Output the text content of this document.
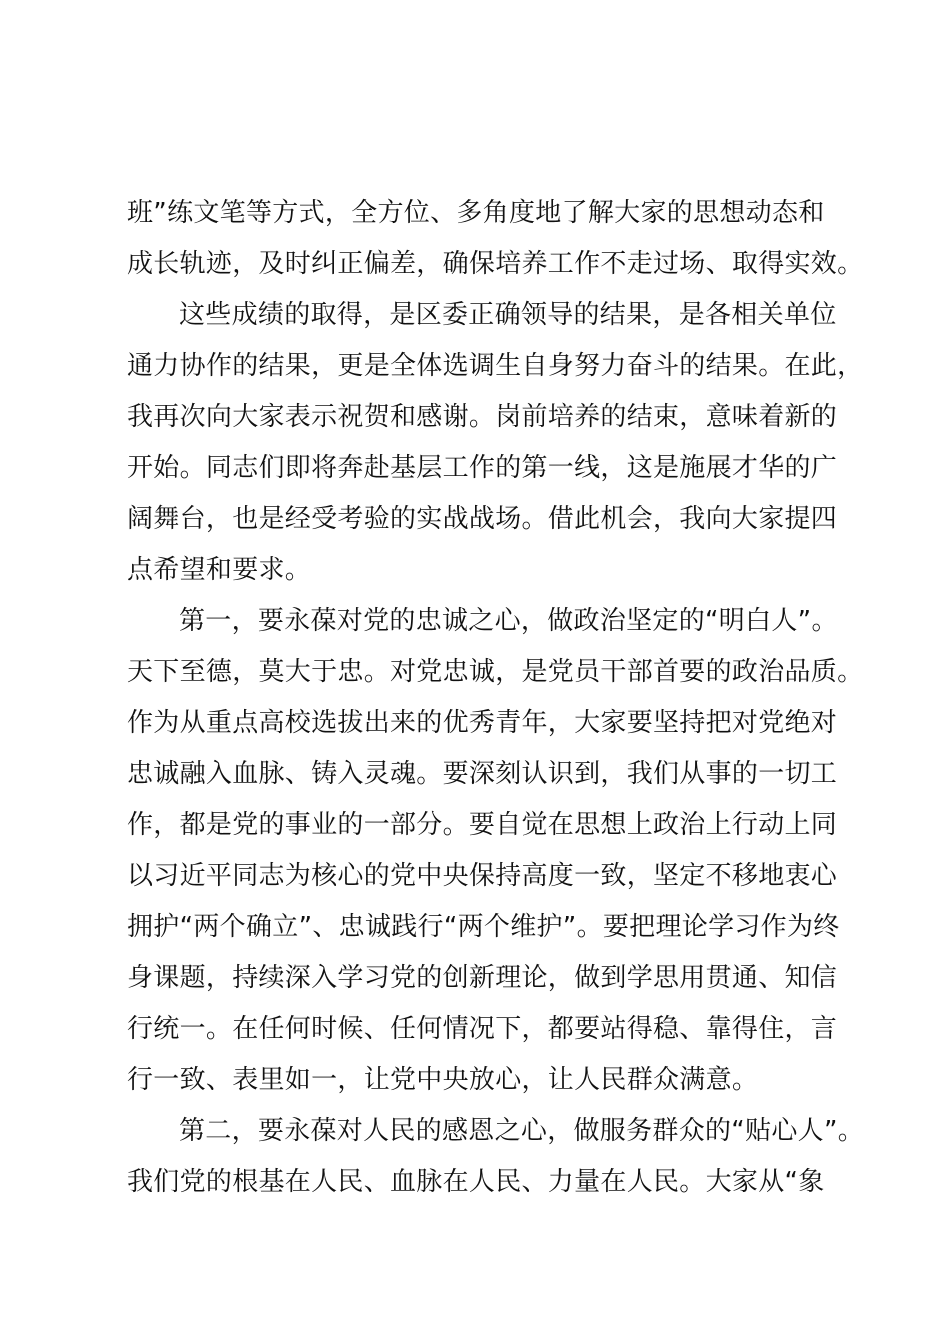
班”练文笔等方式，全方位、多角度地了解大家的思想动态和
成长轨迹，及时纠正偏差，确保培养工作不走过场、取得实效。
这些成绩的取得，是区委正确领导的结果，是各相关单位
通力协作的结果，更是全体选调生自身努力奋斗的结果。在此，
我再次向大家表示祝贺和感谢。岗前培养的结束，意味着新的
开始。同志们即将奔赴基层工作的第一线，这是施展才华的广
阔舞台，也是经受考验的实战战场。借此机会，我向大家提四
点希望和要求。
第一，要永葆对党的忠诚之心，做政治坚定的“明白人”。
天下至德，莫大于忠。对党忠诚，是党员干部首要的政治品质。
作为从重点高校选拔出来的优秀青年，大家要坚持把对党绝对
忠诚融入血脉、铸入灵魂。要深刻认识到，我们从事的一切工
作，都是党的事业的一部分。要自觉在思想上政治上行动上同
以习近平同志为核心的党中央保持高度一致，坚定不移地衷心
拥护“两个确立”、忠诚践行“两个维护”。要把理论学习作为终
身课题，持续深入学习党的创新理论，做到学思用贯通、知信
行统一。在任何时候、任何情况下，都要站得稳、靠得住，言
行一致、表里如一，让党中央放心，让人民群众满意。
第二，要永葆对人民的感恩之心，做服务群众的“贴心人”。
我们党的根基在人民、血脉在人民、力量在人民。大家从“象
